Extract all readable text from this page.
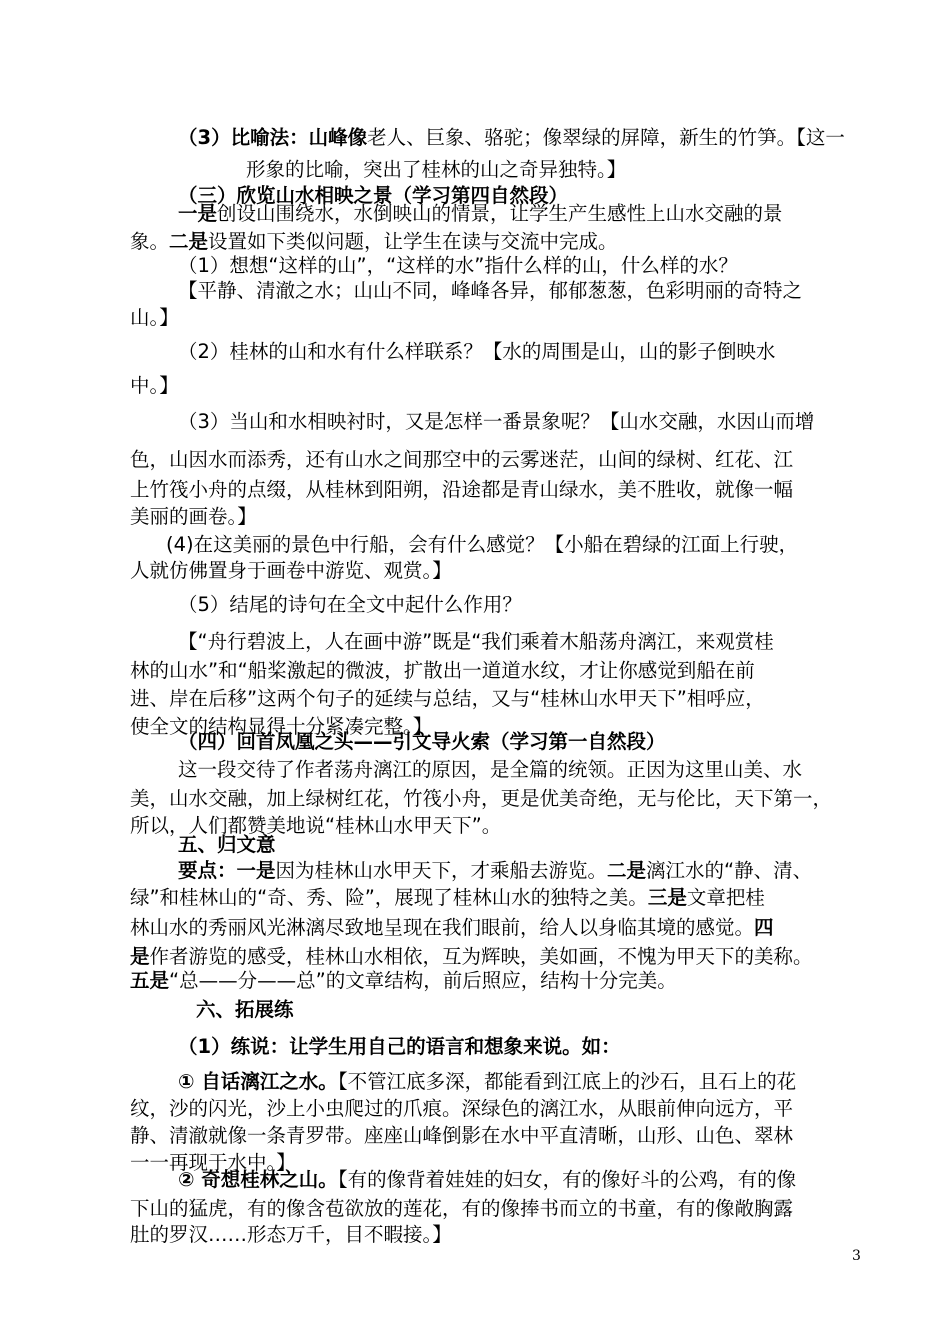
（3）比喻法：山峰像老人、巨象、骆驼；像翠绿的屏障，新生的竹笋。【这一
形象的比喻，突出了桂林的山之奇异独特。】
（三）欣览山水相映之景（学习第四自然段）
一是创设山围绕水，水倒映山的情景，让学生产生感性上山水交融的景
象。二是设置如下类似问题，让学生在读与交流中完成。
（1）想想“这样的山”，“这样的水”指什么样的山，什么样的水？
【平静、清澈之水；山山不同，峰峰各异，郁郁葱葱，色彩明丽的奇特之
山。】
（2）桂林的山和水有什么样联系？【水的周围是山，山的影子倒映水
中。】
（3）当山和水相映衬时，又是怎样一番景象呢？【山水交融，水因山而增
色，山因水而添秀，还有山水之间那空中的云雾迷茫，山间的绿树、红花、江
上竹筏小舟的点缀，从桂林到阳朔，沿途都是青山绿水，美不胜收，就像一幅
美丽的画卷。】
(4)在这美丽的景色中行船，会有什么感觉？【小船在碧绿的江面上行驶，
人就仿佛置身于画卷中游览、观赏。】
（5）结尾的诗句在全文中起什么作用？
【“舟行碧波上，人在画中游”既是“我们乘着木船荡舟漓江，来观赏桂
林的山水”和“船桨激起的微波，扩散出一道道水纹，才让你感觉到船在前
进、岸在后移”这两个句子的延续与总结，又与“桂林山水甲天下”相呼应，
使全文的结构显得十分紧凑完整。】
（四）回首凤凰之头——引文导火索（学习第一自然段）
这一段交待了作者荡舟漓江的原因，是全篇的统领。正因为这里山美、水
美，山水交融，加上绿树红花，竹筏小舟，更是优美奇绝，无与伦比，天下第一，
所以，人们都赞美地说“桂林山水甲天下”。
五、归文意
要点：一是因为桂林山水甲天下，才乘船去游览。二是漓江水的“静、清、
绿”和桂林山的“奇、秀、险”，展现了桂林山水的独特之美。三是文章把桂
林山水的秀丽风光淋漓尽致地呈现在我们眼前，给人以身临其境的感觉。四
是作者游览的感受，桂林山水相依，互为辉映，美如画，不愧为甲天下的美称。
五是“总——分——总”的文章结构，前后照应，结构十分完美。
六、拓展练
（1）练说：让学生用自己的语言和想象来说。如：
① 自话漓江之水。【不管江底多深，都能看到江底上的沙石，且石上的花
纹，沙的闪光，沙上小虫爬过的爪痕。深绿色的漓江水，从眼前伸向远方，平
静、清澈就像一条青罗带。座座山峰倒影在水中平直清晰，山形、山色、翠林
一一再现于水中。】
② 奇想桂林之山。【有的像背着娃娃的妇女，有的像好斗的公鸡，有的像
下山的猛虎，有的像含苞欲放的莲花，有的像捧书而立的书童，有的像敞胸露
肚的罗汉……形态万千，目不暇接。】
3
